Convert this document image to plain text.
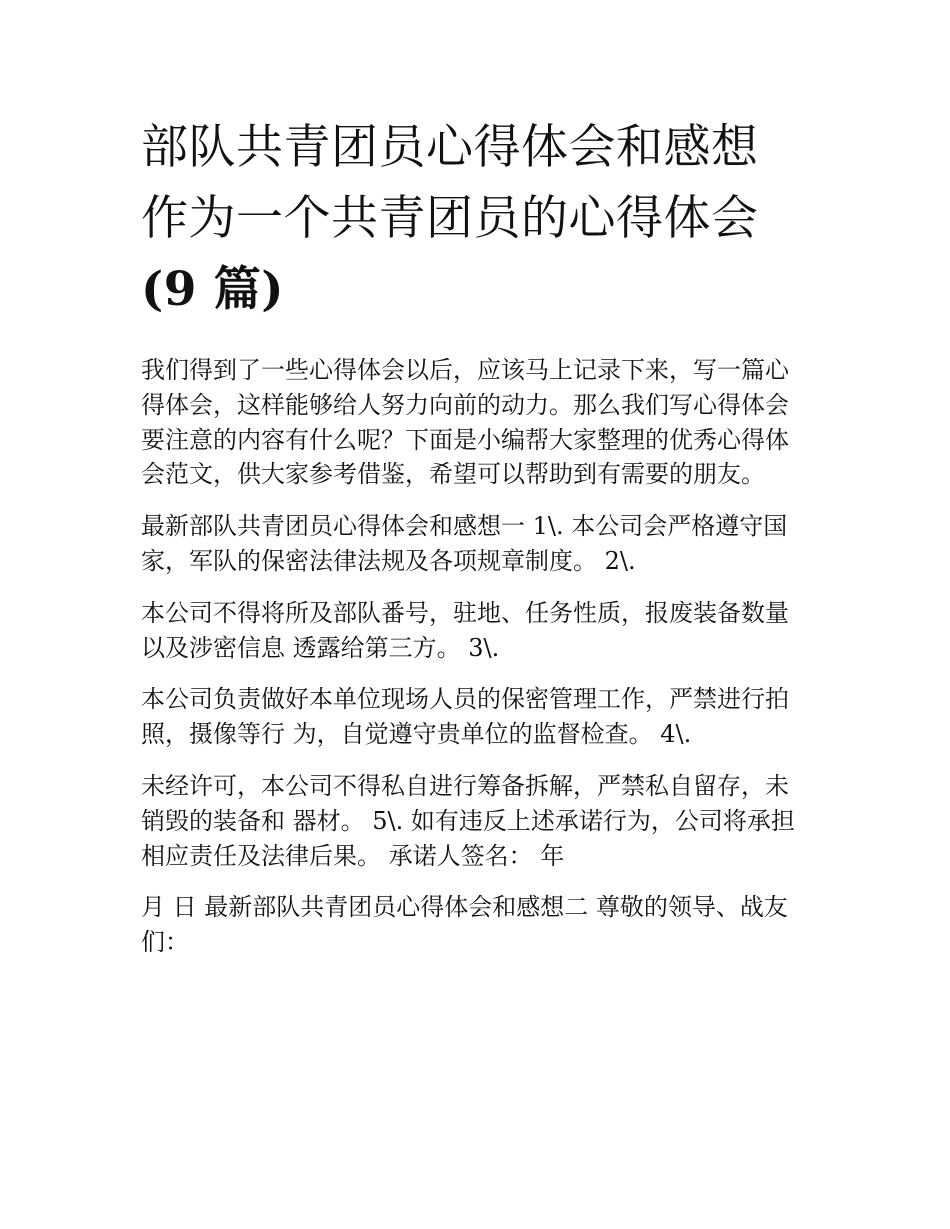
部队共青团员心得体会和感想
作为一个共青团员的心得体会
(9 篇)

我们得到了一些心得体会以后，应该马上记录下来，写一篇心
得体会，这样能够给人努力向前的动力。那么我们写心得体会
要注意的内容有什么呢？下面是小编帮大家整理的优秀心得体
会范文，供大家参考借鉴，希望可以帮助到有需要的朋友。

最新部队共青团员心得体会和感想一 1\. 本公司会严格遵守国
家，军队的保密法律法规及各项规章制度。 2\.

本公司不得将所及部队番号，驻地、任务性质，报废装备数量
以及涉密信息 透露给第三方。 3\.

本公司负责做好本单位现场人员的保密管理工作，严禁进行拍
照，摄像等行 为，自觉遵守贵单位的监督检查。 4\.

未经许可，本公司不得私自进行筹备拆解，严禁私自留存，未
销毁的装备和 器材。 5\. 如有违反上述承诺行为，公司将承担
相应责任及法律后果。 承诺人签名： 年

月 日 最新部队共青团员心得体会和感想二 尊敬的领导、战友
们：
